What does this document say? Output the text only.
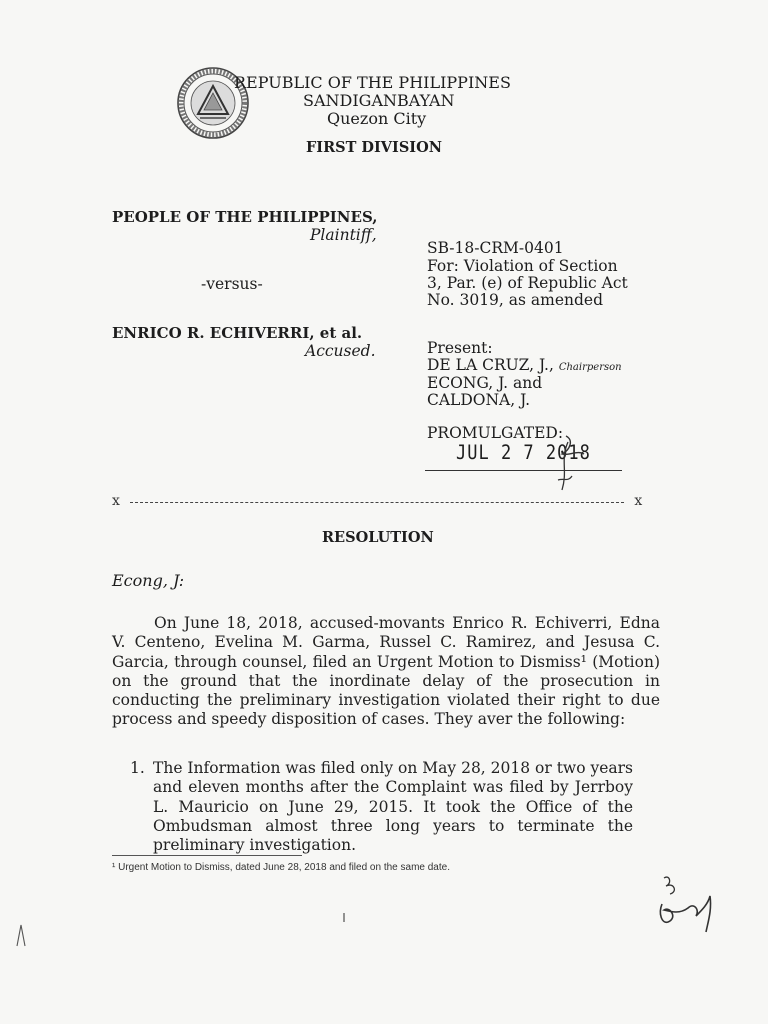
REPUBLIC OF THE PHILIPPINES
SANDIGANBAYAN
Quezon City
FIRST DIVISION
PEOPLE OF THE PHILIPPINES,
Plaintiff,
-versus-
ENRICO R. ECHIVERRI, et al.
Accused.
SB-18-CRM-0401
For: Violation of Section
3, Par. (e) of Republic Act
No. 3019, as amended
Present:
DE LA CRUZ, J., Chairperson
ECONG, J. and
CALDONA, J.
PROMULGATED:
JUL 2 7 2018
x	x
RESOLUTION
Econg, J:
On June 18, 2018, accused-movants Enrico R. Echiverri, Edna V. Centeno, Evelina M. Garma, Russel C. Ramirez, and Jesusa C. Garcia, through counsel, filed an Urgent Motion to Dismiss¹ (Motion) on the ground that the inordinate delay of the prosecution in conducting the preliminary investigation violated their right to due process and speedy disposition of cases. They aver the following:
1. The Information was filed only on May 28, 2018 or two years and eleven months after the Complaint was filed by Jerrboy L. Mauricio on June 29, 2015. It took the Office of the Ombudsman almost three long years to terminate the preliminary investigation.
¹ Urgent Motion to Dismiss, dated June 28, 2018 and filed on the same date.
